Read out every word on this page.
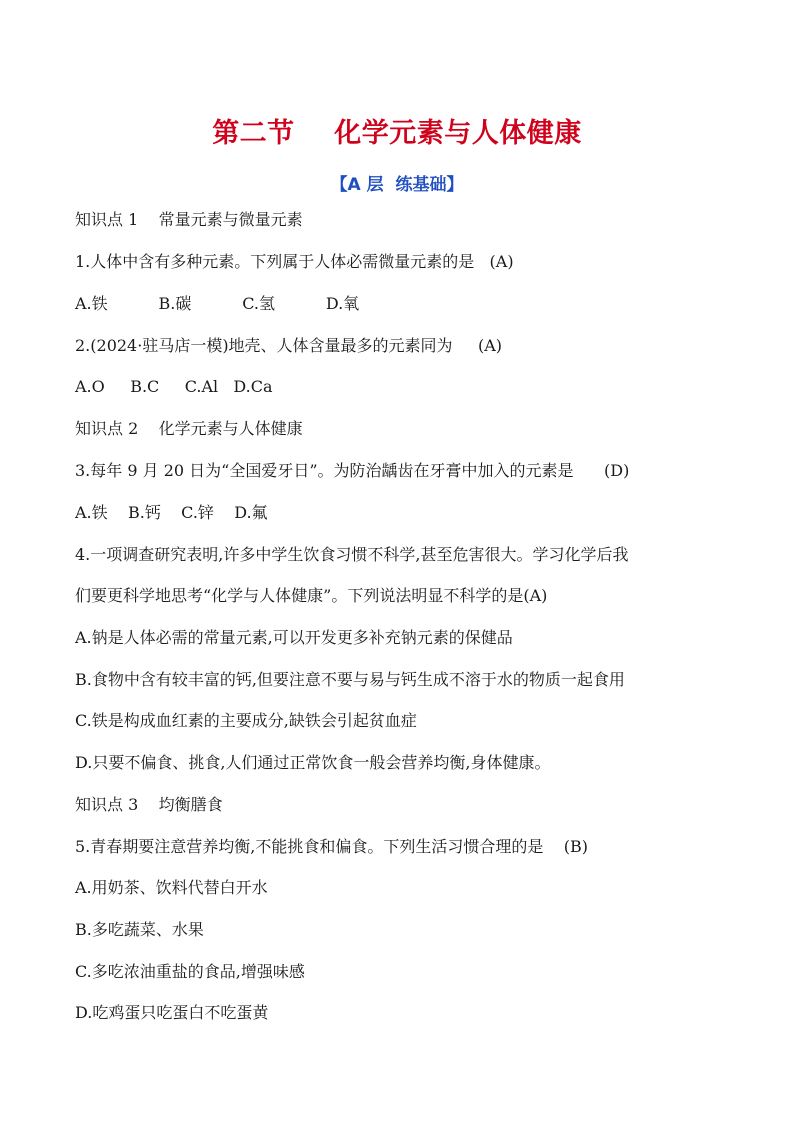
第二节    化学元素与人体健康
【A 层  练基础】
知识点 1    常量元素与微量元素
1.人体中含有多种元素。下列属于人体必需微量元素的是   (A)
A.铁          B.碳          C.氢          D.氧
2.(2024·驻马店一模)地壳、人体含量最多的元素同为     (A)
A.O     B.C     C.Al   D.Ca
知识点 2    化学元素与人体健康
3.每年 9 月 20 日为“全国爱牙日”。为防治龋齿在牙膏中加入的元素是      (D)
A.铁    B.钙    C.锌    D.氟
4.一项调查研究表明,许多中学生饮食习惯不科学,甚至危害很大。学习化学后我
们要更科学地思考“化学与人体健康”。下列说法明显不科学的是(A)
A.钠是人体必需的常量元素,可以开发更多补充钠元素的保健品
B.食物中含有较丰富的钙,但要注意不要与易与钙生成不溶于水的物质一起食用
C.铁是构成血红素的主要成分,缺铁会引起贫血症
D.只要不偏食、挑食,人们通过正常饮食一般会营养均衡,身体健康。
知识点 3    均衡膳食
5.青春期要注意营养均衡,不能挑食和偏食。下列生活习惯合理的是    (B)
A.用奶茶、饮料代替白开水
B.多吃蔬菜、水果
C.多吃浓油重盐的食品,增强味感
D.吃鸡蛋只吃蛋白不吃蛋黄
